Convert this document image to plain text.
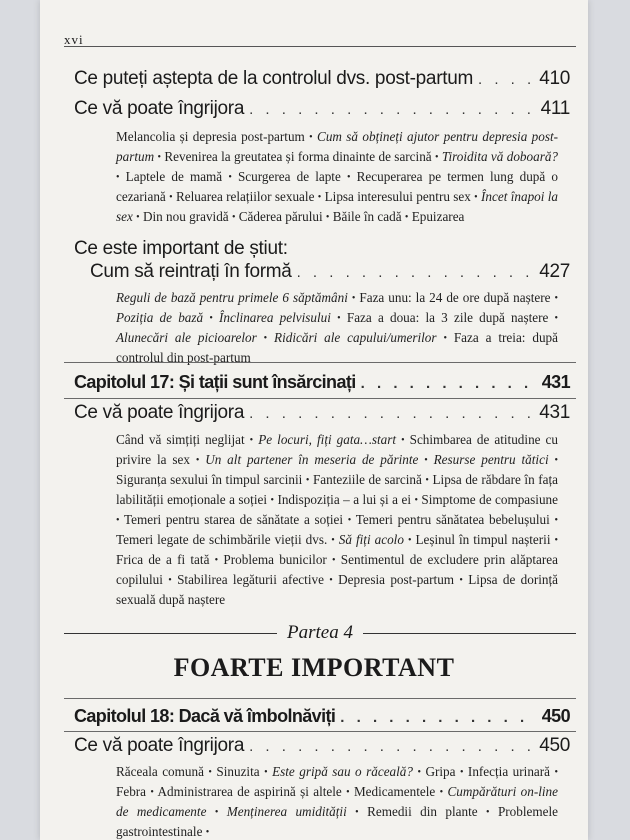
xvi
Ce puteți aștepta de la controlul dvs. post-partum . . .	410
Ce vă poate îngrijora . . .	411
Melancolia și depresia post-partum • Cum să obțineți ajutor pentru depresia post-partum • Revenirea la greutatea și forma dinainte de sarcină • Tiroidita vă doboară? • Laptele de mamă • Scurgerea de lapte • Recuperarea pe termen lung după o cezariană • Reluarea relațiilor sexuale • Lipsa interesului pentru sex • Încet înapoi la sex • Din nou gravidă • Căderea părului • Băile în cadă • Epuizarea
Ce este important de știut:
Cum să reintrați în formă . . .	427
Reguli de bază pentru primele 6 săptămâni • Faza unu: la 24 de ore după naștere • Poziția de bază • Înclinarea pelvisului • Faza a doua: la 3 zile după naștere • Alunecări ale picioarelor • Ridicări ale capului/umerilor • Faza a treia: după controlul din post-partum
Capitolul 17: Și tații sunt însărcinați . . .	431
Ce vă poate îngrijora . . .	431
Când vă simțiți neglijat • Pe locuri, fiți gata…start • Schimbarea de atitudine cu privire la sex • Un alt partener în meseria de părinte • Resurse pentru tătici • Siguranța sexului în timpul sarcinii • Fanteziile de sarcină • Lipsa de răbdare în fața labilității emoționale a soției • Indispoziția – a lui și a ei • Simptome de compasiune • Temeri pentru starea de sănătate a soției • Temeri pentru sănătatea bebelușului • Temeri legate de schimbările vieții dvs. • Să fiți acolo • Leșinul în timpul nașterii • Frica de a fi tată • Problema bunicilor • Sentimentul de excludere prin alăptarea copilului • Stabilirea legăturii afective • Depresia post-partum • Lipsa de dorință sexuală după naștere
Partea 4
FOARTE IMPORTANT
Capitolul 18: Dacă vă îmbolnăviți . . .	450
Ce vă poate îngrijora . . .	450
Răceala comună • Sinuzita • Este gripă sau o răceală? • Gripa • Infecția urinară • Febra • Administrarea de aspirină și altele • Medicamentele • Cumpărături on-line de medicamente • Menținerea umidității • Remedii din plante • Problemele gastrointestinale •
